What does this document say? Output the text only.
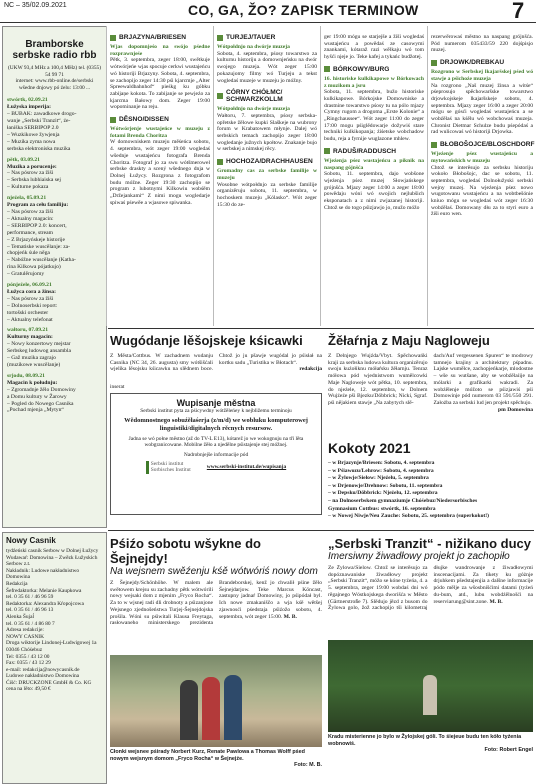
NC – 35/02.09.2021	CO, GA, ŽO? ZAPISK TERMINOW	7
Bramborske serbske radio rbb
(UKW 93,4 MHz a 100,4 MHz) tel. (0355) 54 99 71
internet: www.rbb-online.de/serbski
wšedne dnjowy pó źelu: 13:00 ...
stwórtk, 02.09.21
Łužyska imperija:
– BUBAK: zawadkowe drogo-
wanje „Serbski Tranzit“, źe-
łaniška SERBIPOP 2.0
– Wuzkikowe žywjenja
– Muzika zyma nowa
serbska elektroniska muzika
pětk, 03.09.21
Muzika a porucenje:
– Nas pósrow za žiši
– Serbska lubhiaiska sej
– Kulturne pokaza
njeźela, 05.09.21
Program za cełu familiju:
– Nas pósrow za žiši
– Aktualny magacin:
– SERBIPOP 2.0: koncert,
performance, stream
– Z Brjazyńskeje historije
– Tematiske wuscělanje: za-
chopjeńk śule něga
– Nabóžne wuscělanje (Katha-
rina Kilkowa pójatkujo)
– Gratulěrujomy
pónjeźele, 06.09.21
Łužyca cora a žinsa:
– Nas pósrow za žiši
– Dolnoserbski report:
tortošski orchester
– Aktualny telefonat
wałtoru, 07.09.21
Kulturny magacin:
– Nowy konzertowy mejstar
Serbskeg ludowog ansambla
– Gaž muzika zagrajo
(muzikowe wuscělanje)
srjodu, 08.09.21
Magacin k połudnju:
– Zgromadnje žělo Domowiny
a Domu kultury w Žarowy
– Pogled do Nowego Casnika
„Pochad mjenja „Mytyn“
BRJAZYNA/BRIESEN
Wjas dopomnjeśo na swójo pśedne rozprawnjeśe
Pětk, 3. septembra, zeger 18:00, swětkuje wótwórjeńe wjas spocuje cerkwi wustajeńcu wó historiji Brjazyny. Sobota, 4. septembra, se zachopijo zeger 14:30 pśi kjarcmje „Alter Spreewaldbahnhof“ pieśkg ku góbku zabijaņe kokota. To zabijanje se pewjeźo za kjarcma Bałowy dom. Zeger 19:00 wopominanje na reju.
DĚSNO/DISSEN
Wótwórjenje wustajeńce w muzeju z fotami Brenda Choritza
W domowniskem muzeju měśeńca sobotu, 4. septembra, wót zeger 19:00 wogledaś wšednje wustajeńcu fotografa Brenda Choritza. Fotograf jo za swu wótšmerowel serbske draskty a scený wšednego dnja w Dolnej Łužycy. Rozgrona z fotografom budu móžne. Zeger 19:30 zachopijo se program z lubotnymi Kilkowiu wobśěm „Držejankami“ Z nimi mogu wogledarje spiwaś pśewěe a wjasowe spiwanka.
TURJEJ/TAUER
Wótpołdnjo na dwórje muzeja
Sobota, 4. septembra, pśosy towarstwo za kulturnu historiju a domownjeńsku na dwór swojego muzeja. Wót zeger 15:00 pokazujomy filmy wó Turjeju a tekst wogledaś muzeje w muzeju jo móžny.
CÓRNY CHÓŁMC/ SCHWARZKOLLM
Wótpołdnjo na dwórje muzeja
Wałtoru, 7. septembra, pśosy serbska-opřetske žělowe kupki Slaškeje na wubrony forum w Krabatowem młynje. Dalej wó serbskich temach zachopijo zeger 18:00 wogledanje južnych kpołtow. Znakanje bujo w serbskej a nimskej rěcy.
HOCHOZA/DRACHHAUSEN
Gromadny cas za serbske familije w muzeju
Wosobne wótpołdnjo za serbske familije organizěruju sobotu, 11. septembra, w hochoskem muzeju „Kólasko“. Wót zeger 15:30 do ze-
ger 19:00 mógu se starjejše a žiši wogledaś wustajeńcu a powědaś ze casowymi znankami, kótaraž razi wělkaju wó tom hyšći njeje jo. Teke kafej a tykańc budžotej.
BÓRKOWY/BURG
16. historiske kulkikapowe w Bórkowach z muzikom a jsru
Sobota, 11. septembra, bužo historiske kulkikapowe. Bórkojske Domowniske a drastnine towarstwo pśosy tu na pólo mjazy Cymny rugom a drogoma „Erste Kolonie“ a „Ringchaussee“. Wót zeger 11:00 do zeger 17:00 mogu pśiglědowarje dožywiś stare techniki kulkikopanja; źiśetske wobchadow budu, reja a fyrnije wuglazone mhlew.
RADUŠ/RADDUSCH
Wjeźenja pśez wustajeńcu a piknik na naspang gójnšća
Sobotu, 11. septembra, dajo wobšone wjeźenja pśez muzej Słowjańskege grójnšća. Mjazy zeger 14:00 a zeger 18:00 powědaju wóni wó swojich nejlubšich eksponatach a z nimi zwjazanej historiji. Chtož se do togo pśizjawjo jo, mužo móžo
rezerwěrowaś městno na naspang grójnšća. Pód numerom 035433/59 220 dojśpisjo muzej.
DRJOWK/DREBKAU
Rozgrono w Serbskej lkajaršskej pśed wó stawje a pśichoźe muzeja
Na rozgrono „Naš muzej žinsa a witśe“ pśeprosujo spěchowaršske towarstwo drjowkojskeje lkajaršskeje sobotu, 4. septembra. Mjazy zeger 16:00 a zeger 20:00 mógu se gósći wogledaś wustajeńcu a se wobźělaś na kśělu wó wobchowaś muzeja. Chronist Dietmar Schulze budu pśepódaś a rad wulicowaś wó historiji Drjowka.
BŁOBOŠOJCE/BLOSCHDORF
Wjeźenje pśez wustajeńcu a mytowańskich w muzeju
Chtož se interěsujo za serbsku historiju wokoło Błobošojc, dac se sobotu, 11. septembra, wogledaś Dolnołužyski serbski wejny muzej. Na wjeźenja pśez nowo wugotowanu wustajeńcu a na wobtbešónie kniuo mógu se wogledaś wót zeger 16:30 wobźělaś. Domowany dłu za to styri euro a žiši euro wen.
Wugódanje lěšojskeje kśicawki
Z Města/Cottbus. W zachadnem wudanju Casnika (NC 34, 26. augusta) smy wótšišćali wjelika lěsojsku kśicawku na slědnem boce. Chtož jo ju pšawje wugódal jo pśisłał na kortku sadu „Turistika w Błotach“.
redakcija
Žěłaŕnja z Maju Nagloweju
Z Delnjego Wujźda/Vbyt. Spěchowańki kraji za serbska ludowa kultura organizěrujo swoju kuźołiknu mółaŕsku žěłarnju. Tenraz mółowa pód wjednistwom wumělcowki Maje Nagloweje wót pětka, 10. septembra, do njeźele, 12. septembra, w Dolnem Wujźeźe pši Bjezku/Döbbrick; Nicki, Sgraf. pśi nějakiem stawje „Na zabytych slě-
dach/Auf vergessenen Spuren“ te modrowy tamnejo krajiny a architektury pśpadnu. Lajske wumělce, zachopjeńkarje, mlodostne – wše su wutšane, aby se wobźělaiije na mólarki a grafikarki wakradi. Za wobźělenje móžoto se pśizjawiś pśi Domowinje pód numerom 03 591/550 291. Założba za serbski lud jen projekt spěchujo.
pm Domowina
inserat
Wupisanje městna
Serbski institut pyta za pśicywdny wótžěleńey k nejbližemu terminoju
Wědomnostnego sobuźěłaśerja (z/m/d) we wobluku komputerowej linguistiki/digitalnych rěcnych resursow.
Jadna se wó połne městno (až do TV-L E13), kótarež jo we wokognuju na tři lěta wobgranicowane. Mobilne žěło a njedělne pśistajenje stej móžnej.
Nadrobnjejše informacije pód
Serbski institut Sorbisches Institut
www.serbski-institut.de/wupisanja
Kokoty 2021
– w Brjazynje/Briesen: Sobotu, 4. septembra
– w Pśiawozu/Lehrow: Sobotu, 4. septembra
– w Žylowje/Sielow: Njeźelu, 5. septembra
– w Drjenowje/Drehnow: Sobotu, 11. septembra
– w Depsku/Döbbrick: Njeźelu, 12. septembra
– na Dolnoserbskem gymnaziumje Chóśebuz/Niedersorbisches
Gymnasium Cottbus: stwórtk, 16. septembra
– w Nowej Niwje/Neu Zauche: Sobotu, 25. septembra (superkokot!)
Nowy Casnik
tydźeński casnik Serbow w Dolnej Łužycy
Wudawaŕ: Domowina – Zwězk Łužyskich Serbow z.t.
Nakładnik: Ludowe nakładnistwo Domowina
Redakcija
Šefredaktorka: Melanie Kaupkowa
tel. 0 35 61 / 46 96 59
Redaktorka: Alexandra Kŕopojcowa
tel. 0 35 61 / 46 96 13
Alenka Šujaĺ
tel. 0 35 61 / 4 86 80 7
Adresa redakcije:
NOWY CASNIK
Droga wiktorije Lindonej-Ludwigowej 1a
03046 Chóśebuz
Tel: 0355 / 43 12 00
Fax: 0355 / 43 12 29
e-mail: redakcija@nowycasnik.de
Ludowe nakładnistwo Domowina
Ćišć: DRUCKZONE GmbH & Co. KG
cena na lěto: 49,50 €
Pśiźo sobotu wšykne do Šejnejdy!
Na wejsnem swěźenju kśě wótwóriś nowy dom
Z Šejnejdy/Schönhöhe. W malem ale swětowem krejsu su zachadny pětk wótwórili nowy wejsaki dom z mjenim „Fryco Rocha“. Za to w wjsnej radi dli drobnoty a pśizanjone Wejsnego zjednošeństwa Turjej-Šejnejdojska prošila. Wóni su pśiwitali Klausa Freytaga, rasłowaneho ministerskego prezidenta Brandeborskej, kenž jo chwalił pśine žělo Šejnejdarjow. Teke Marcus Köncast, zastupny jadnaŕ Domowiny, jo pśipódał byl. Ich nowe zmakaniščo a wja kśě wětšej zjawnosći pśedstaja pśiźožo sobotu, 4. septembra, wót zeger 15:00. M. B.
Cłonki wejsnee pśirady Norbert Kurz, Renate Pawlowa a Thomas Wolff pśed nowym wejsnym domom „Fryco Rocha“ w Šejnejźe.
Foto: M. B.
„Serbski Tranzit“ - nižikano ducy
Imersiwny žiwadłowy projekt jo zachopiło
Ze Žylowa/Sielow. Chtož se interěsujo za dopóznawaniske žiwadłowy projekt „Serbski Tranzit“, móžo se kóne tyźeńa, 4. a 5. septembra, zeger 19:00 wobdaś dni wó rěgajnego Wóstkojskega dworišća w Město (Gärtnerstroße 7). Slědujo jězd z busom do Žylowa golo, žož zachopijo tši kilometraj dłujke wandrowanje z žiwadłowymi inscenacijami. Za tikety ku góżnje drjuhkem pšedstajenjia a dalšne informacije pódo mělje za wšosbnišćimi datami (tyźeń du-bum, atd., lubu wobdźělnošći na reserviarung@sint.zone. M. B.
Kradu misterienne jo bylo w Žylojskej góli. To śiejeue budu ten kóło tyźenia wobnowiś.
Foto: Robert Engel
